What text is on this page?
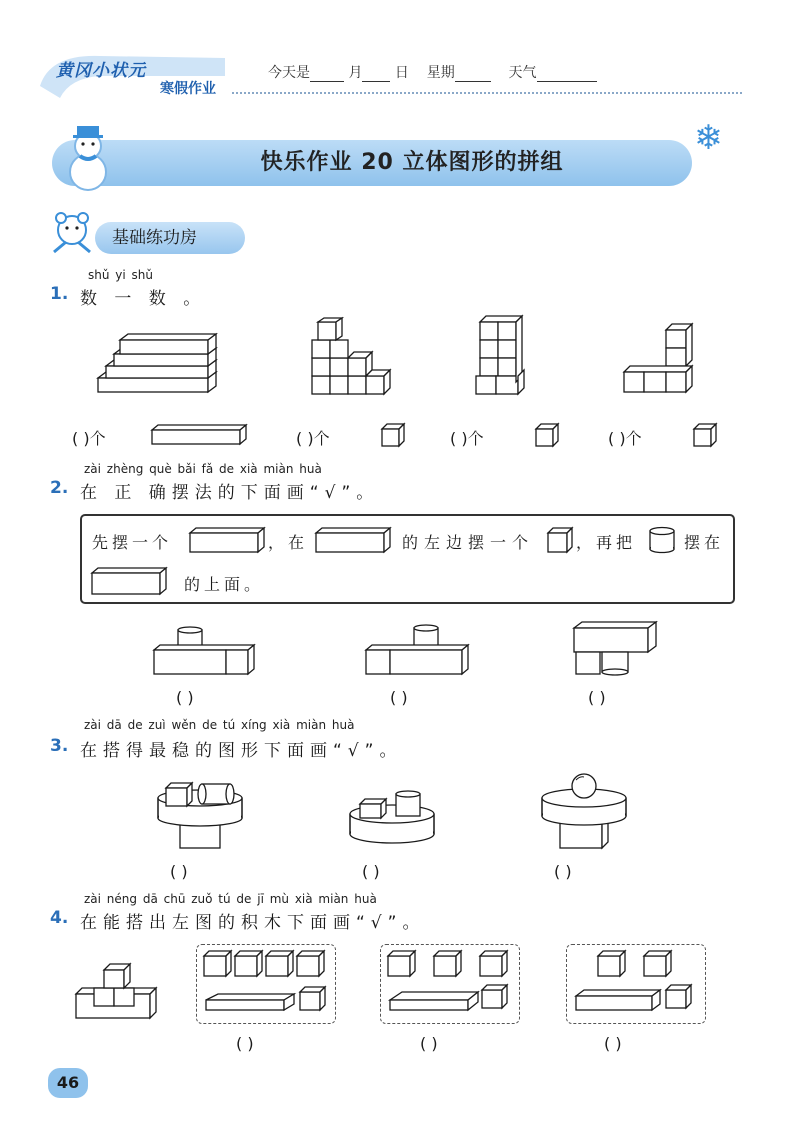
黄冈小状元
寒假作业
今天是	月 日 星期	天气
快乐作业 20 立体图形的拼组
❄
基础练功房
shǔ yi shǔ
1. 数 一 数 。
( )个	( )个	( )个	( )个
zài zhèng què bǎi fǎ de xià miàn huà
2. 在 正 确摆法的下面画“√”。
先摆一个	，在	的左边摆一个	，再把	摆在
的上面。
( )	( )	( )
zài dā de zuì wěn de tú xíng xià miàn huà
3. 在搭得最稳的图形下面画“√”。
( )	( )	( )
zài néng dā chū zuǒ tú de jī mù xià miàn huà
4. 在能搭出左图的积木下面画“√”。
( )	( )	( )
46
